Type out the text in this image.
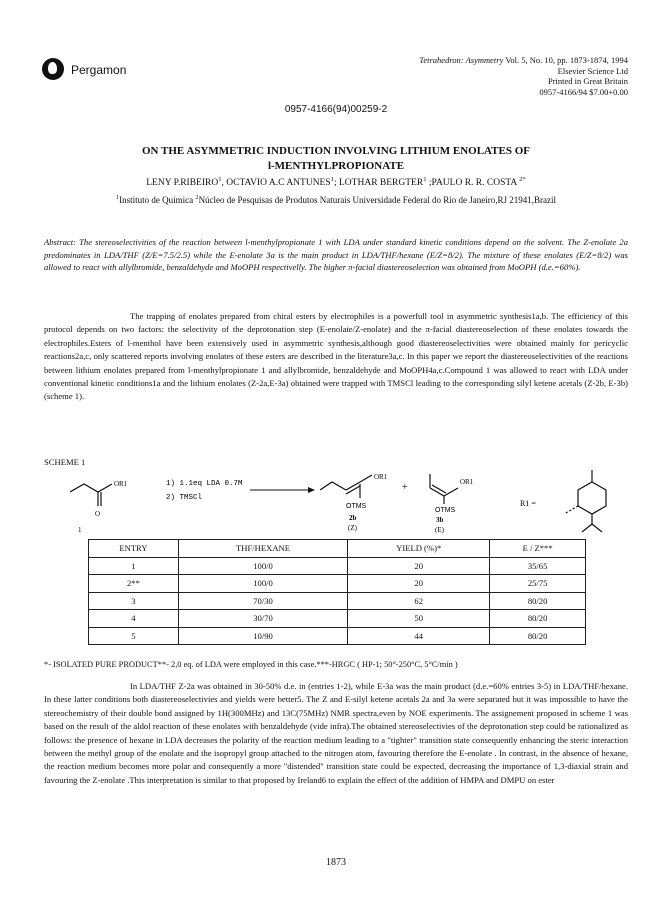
Pergamon
Tetrahedron: Asymmetry Vol. 5, No. 10, pp. 1873-1874, 1994
Elsevier Science Ltd
Printed in Great Britain
0957-4166/94 $7.00+0.00
0957-4166(94)00259-2
ON THE ASYMMETRIC INDUCTION INVOLVING LITHIUM ENOLATES OF
l-MENTHYLPROPIONATE
LENY P.RIBEIRO$^1$, OCTAVIO A.C ANTUNES$^1$; LOTHAR BERGTER$^1$ ;PAULO R. R. COSTA $^{2*}$
$^1$Instituto de Química $^2$Núcleo de Pesquisas de Produtos Naturais Universidade Federal do Rio de Janeiro,RJ 21941,Brazil
Abstract: The stereoselectivities of the reaction between l-menthylpropionate 1 with LDA under standard kinetic conditions depend on the solvent. The Z-enolate 2a predominates in LDA/THF (Z/E=7.5/2.5) while the E-enolate 3a is the main product in LDA/THF/hexane (E/Z=8/2). The mixture of these enolates (E/Z=8/2) was allowed to react with allylbromide, benzaldehyde and MoOPH respectivelly. The higher π-facial diastereoselection was obtained from MoOPH (d.e.=60%).
The trapping of enolates prepared from chiral esters by electrophiles is a powerfull tool in asymmetric synthesis1a,b. The efficiency of this protocol depends on two factors: the selectivity of the deprotonation step (E-enolate/Z-enolate) and the π-facial diastereoselection of these enolates towards the electrophiles.Esters of l-menthol have been extensively used in asymmetric synthesis,although good diastereoselectivities were obtained mainly for pericyclic reactions2a,c, only scattered reports involving enolates of these esters are described in the literature3a,c. In this paper we report the diastereoselectivities of the reactions between lithium enolates prepared from l-menthylpropionate 1 and allylbromide, benzaldehyde and MoOPH4a,c.Compound 1 was allowed to react with LDA under conventional kinetic conditions1a and the lithium enolates (Z-2a,E-3a) obtained were trapped with TMSCl leading to the corresponding silyl ketene acetals (Z-2b, E-3b) (scheme 1).
SCHEME 1
OR1
O
1
1) 1.1eq LDA 0.7M
2) TMSCl
OR1
OTMS
2b
(Z)
+	OR1
OTMS
3b
(E)
R1 =
ENTRY	THF/HEXANE	YIELD (%)*	E / Z***
1	100/0	20	35/65
2**	100/0	20	25/75
3	70/30	62	80/20
4	30/70	50	80/20
5	10/90	44	80/20
*- ISOLATED PURE PRODUCT**- 2,0 eq. of LDA were employed in this case.***-HRGC ( HP-1; 50°-250°C, 5°C/min )
In LDA/THF Z-2a was obtained in 30-50% d.e. in (entries 1-2), while E-3a was the main product (d.e.=60% entries 3-5) in LDA/THF/hexane. In these latter conditions both diastereoselectivies and yields were better5. The Z and E-silyl ketene acetals 2a and 3a were separated but it was impossible to have the stereochemistry of their double bond assigned by 1H(300MHz) and 13C(75MHz) NMR spectra,even by NOE experiments. The assignement proposed in scheme 1 was based on the result of the aldol reaction of these enolates with benzaldehyde (vide infra).The obtained stereoselectivies of the deprotonation step could be rationalized as follows: the presence of hexane in LDA decreases the polarity of the reaction medium leading to a "tighter" transition state consequently enhancing the steric interaction between the methyl group of the enolate and the isopropyl group attached to the nitrogen atom, favouring therefore the E-enolate . In contrast, in the absence of hexane, the reaction medium becomes more polar and consequently a more "distended" transition state could be expected, decreasing the importance of 1,3-diaxial strain and favouring the Z-enolate .This interpretation is similar to that proposed by Ireland6 to explain the effect of the addition of HMPA and DMPU on ester
1873
